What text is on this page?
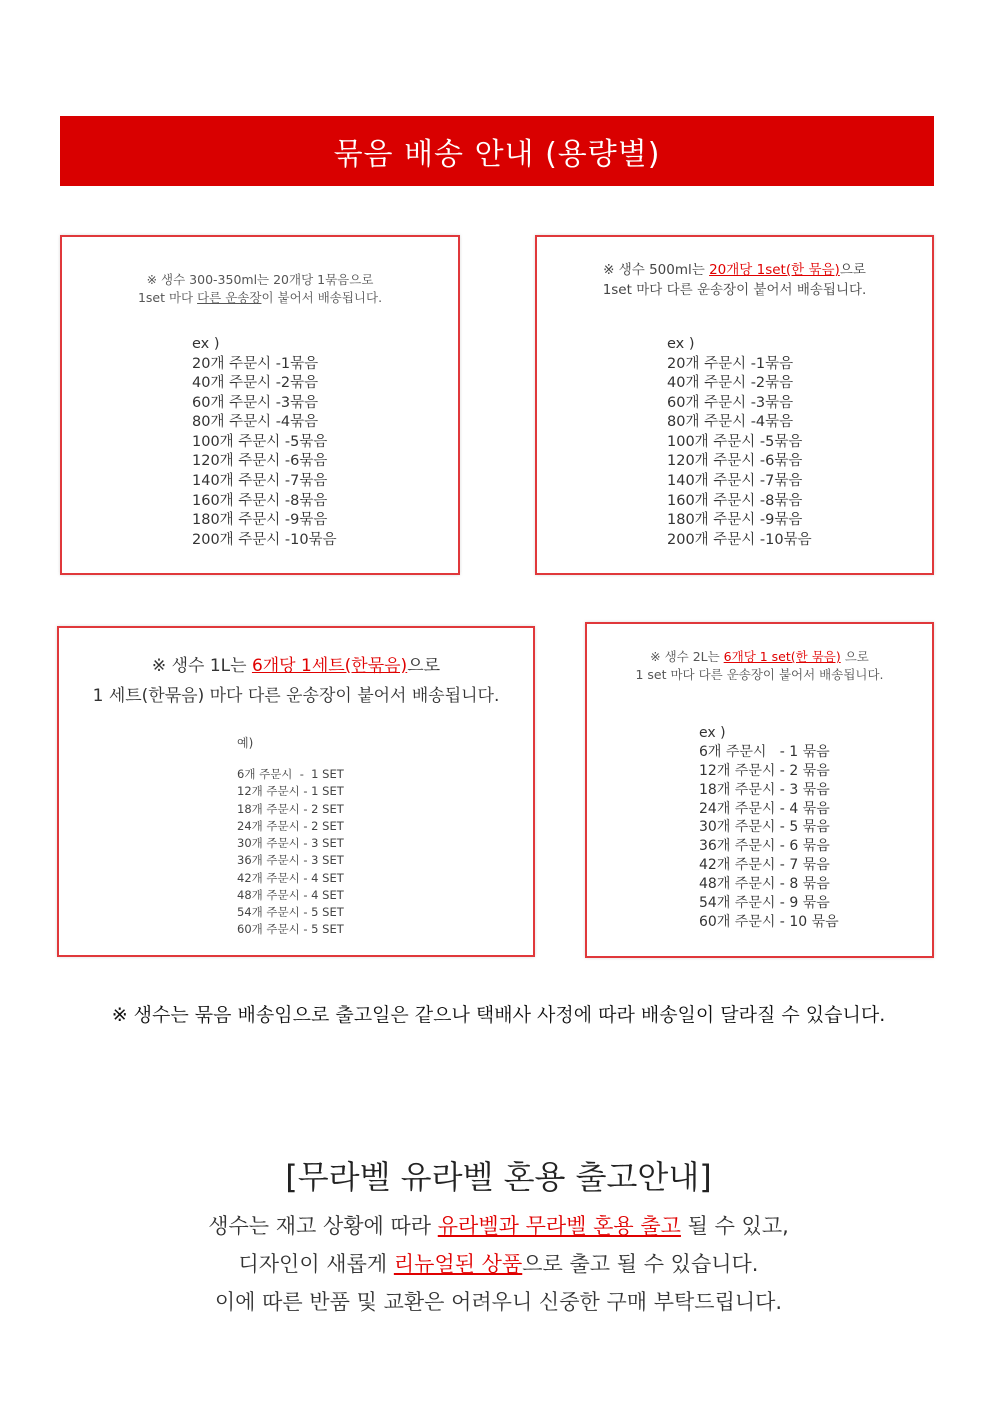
묶음 배송 안내 (용량별)
※ 생수 300-350ml는 20개당 1묶음으로
1set 마다 다른 운송장이 붙어서 배송됩니다.
ex )
20개 주문시 -1묶음
40개 주문시 -2묶음
60개 주문시 -3묶음
80개 주문시 -4묶음
100개 주문시 -5묶음
120개 주문시 -6묶음
140개 주문시 -7묶음
160개 주문시 -8묶음
180개 주문시 -9묶음
200개 주문시 -10묶음
※ 생수 500ml는 20개당 1set(한 묶음)으로
1set 마다 다른 운송장이 붙어서 배송됩니다.
ex )
20개 주문시 -1묶음
40개 주문시 -2묶음
60개 주문시 -3묶음
80개 주문시 -4묶음
100개 주문시 -5묶음
120개 주문시 -6묶음
140개 주문시 -7묶음
160개 주문시 -8묶음
180개 주문시 -9묶음
200개 주문시 -10묶음
※ 생수 1L는 6개당 1세트(한묶음)으로
1 세트(한묶음) 마다 다른 운송장이 붙어서 배송됩니다.
예)
6개 주문시  -  1 SET
12개 주문시 - 1 SET
18개 주문시 - 2 SET
24개 주문시 - 2 SET
30개 주문시 - 3 SET
36개 주문시 - 3 SET
42개 주문시 - 4 SET
48개 주문시 - 4 SET
54개 주문시 - 5 SET
60개 주문시 - 5 SET
※ 생수 2L는 6개당 1 set(한 묶음) 으로
1 set 마다 다른 운송장이 붙어서 배송됩니다.
ex )
6개 주문시   - 1 묶음
12개 주문시 - 2 묶음
18개 주문시 - 3 묶음
24개 주문시 - 4 묶음
30개 주문시 - 5 묶음
36개 주문시 - 6 묶음
42개 주문시 - 7 묶음
48개 주문시 - 8 묶음
54개 주문시 - 9 묶음
60개 주문시 - 10 묶음
※ 생수는 묶음 배송임으로 출고일은 같으나 택배사 사정에 따라 배송일이 달라질 수 있습니다.
[무라벨 유라벨 혼용 출고안내]
생수는 재고 상황에 따라 유라벨과 무라벨 혼용 출고 될 수 있고,
디자인이 새롭게 리뉴얼된 상품으로 출고 될 수 있습니다.
이에 따른 반품 및 교환은 어려우니 신중한 구매 부탁드립니다.
